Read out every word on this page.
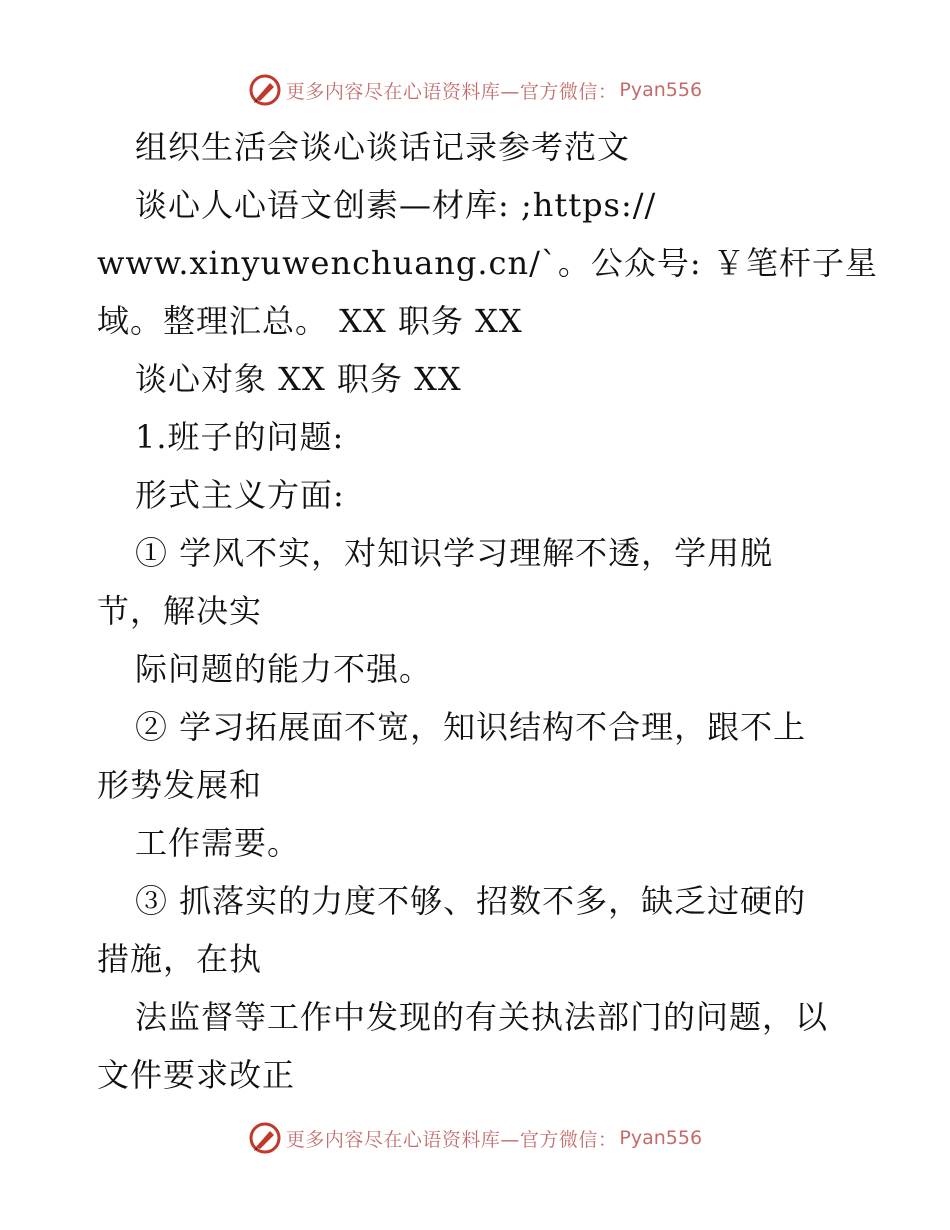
更多内容尽在心语资料库—官方微信： Pyan556
组织生活会谈心谈话记录参考范文
谈心人心语文创素—材库: ;https://
www.xinyuwenchuang.cn/`。公众号: ￥笔杆子星
域。整理汇总。 XX 职务 XX
谈心对象 XX 职务 XX
1.班子的问题:
形式主义方面:
① 学风不实，对知识学习理解不透，学用脱
节，解决实
际问题的能力不强。
② 学习拓展面不宽，知识结构不合理，跟不上
形势发展和
工作需要。
③ 抓落实的力度不够、招数不多，缺乏过硬的
措施，在执
法监督等工作中发现的有关执法部门的问题，以
文件要求改正
更多内容尽在心语资料库—官方微信： Pyan556
